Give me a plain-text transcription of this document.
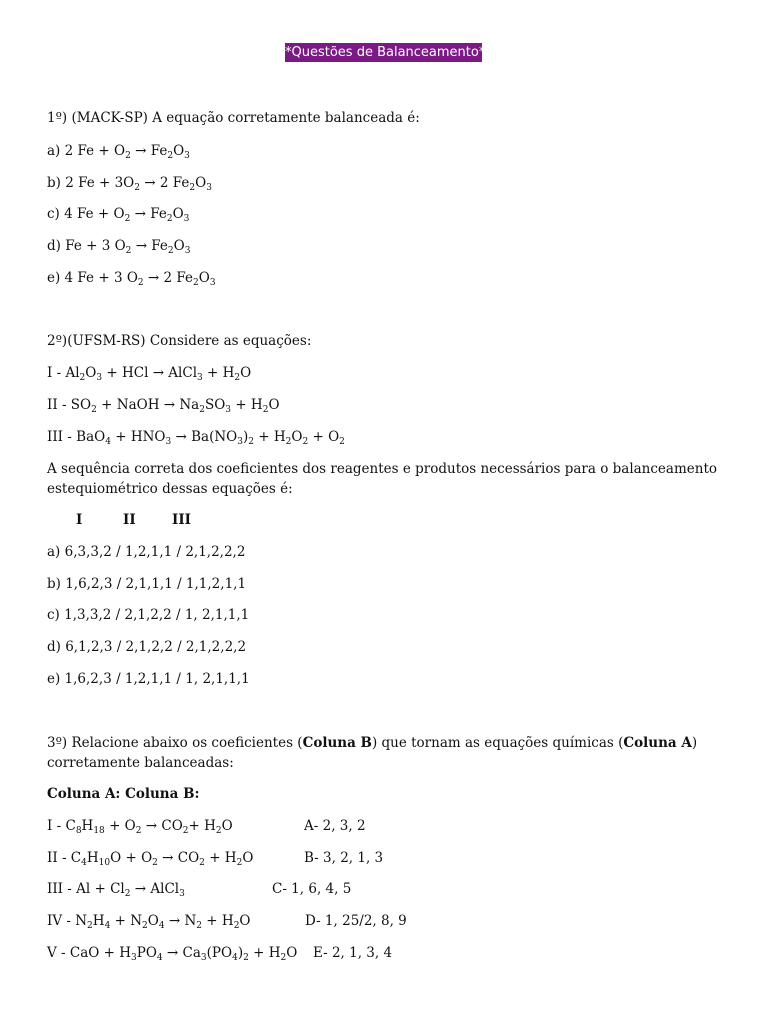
*Questões de Balanceamento*
1º) (MACK-SP) A equação corretamente balanceada é:
a) 2 $Fe + O_2 \to Fe_2O_3$
b) 2 $Fe + 3O_2 \to 2$ $Fe_2O_3$
c) 4 $Fe + O_2 \to Fe_2O_3$
d) Fe + 3 $O_2 \to Fe_2O_3$
e) 4 Fe + 3 $O_2 \to 2$ $Fe_2O_3$
2º)(UFSM-RS) Considere as equações:
I - $Al_2O_3$ + HCl → AlCl$_3$ + $H_2O$
II - $SO_2$ + NaOH → $Na_2SO_3 + H_2O$
III - $BaO_4 + HNO_3 \to Ba(NO_3)_2 + H_2O_2 + O_2$
A sequência correta dos coeficientes dos reagentes e produtos necessários para o balanceamento estequiométrico dessas equações é:
I	II	III
a) 6,3,3,2 / 1,2,1,1 / 2,1,2,2,2
b) 1,6,2,3 / 2,1,1,1 / 1,1,2,1,1
c) 1,3,3,2 / 2,1,2,2 / 1, 2,1,1,1
d) 6,1,2,3 / 2,1,2,2 / 2,1,2,2,2
e) 1,6,2,3 / 1,2,1,1 / 1, 2,1,1,1
3º) Relacione abaixo os coeficientes (Coluna B) que tornam as equações químicas (Coluna A) corretamente balanceadas:
Coluna A: Coluna B:
$I - C_8H_{18} + O_2 \to CO_2+ H_2O$
II - $C_4H_{10}O + O_2 \to CO_2 + H_2O$
III - $Al + Cl_2$ → AlCl$_3$
IV - $N_2H_4 + N_2O_4 \to N_2 + H_2O$
V - CaO + $H_3PO_4 \to Ca_3(PO_4)_2 + H_2O$
A- 2, 3, 2
B- 3, 2, 1, 3
C- 1, 6, 4, 5
D- 1, 25/2, 8, 9
E- 2, 1, 3, 4
